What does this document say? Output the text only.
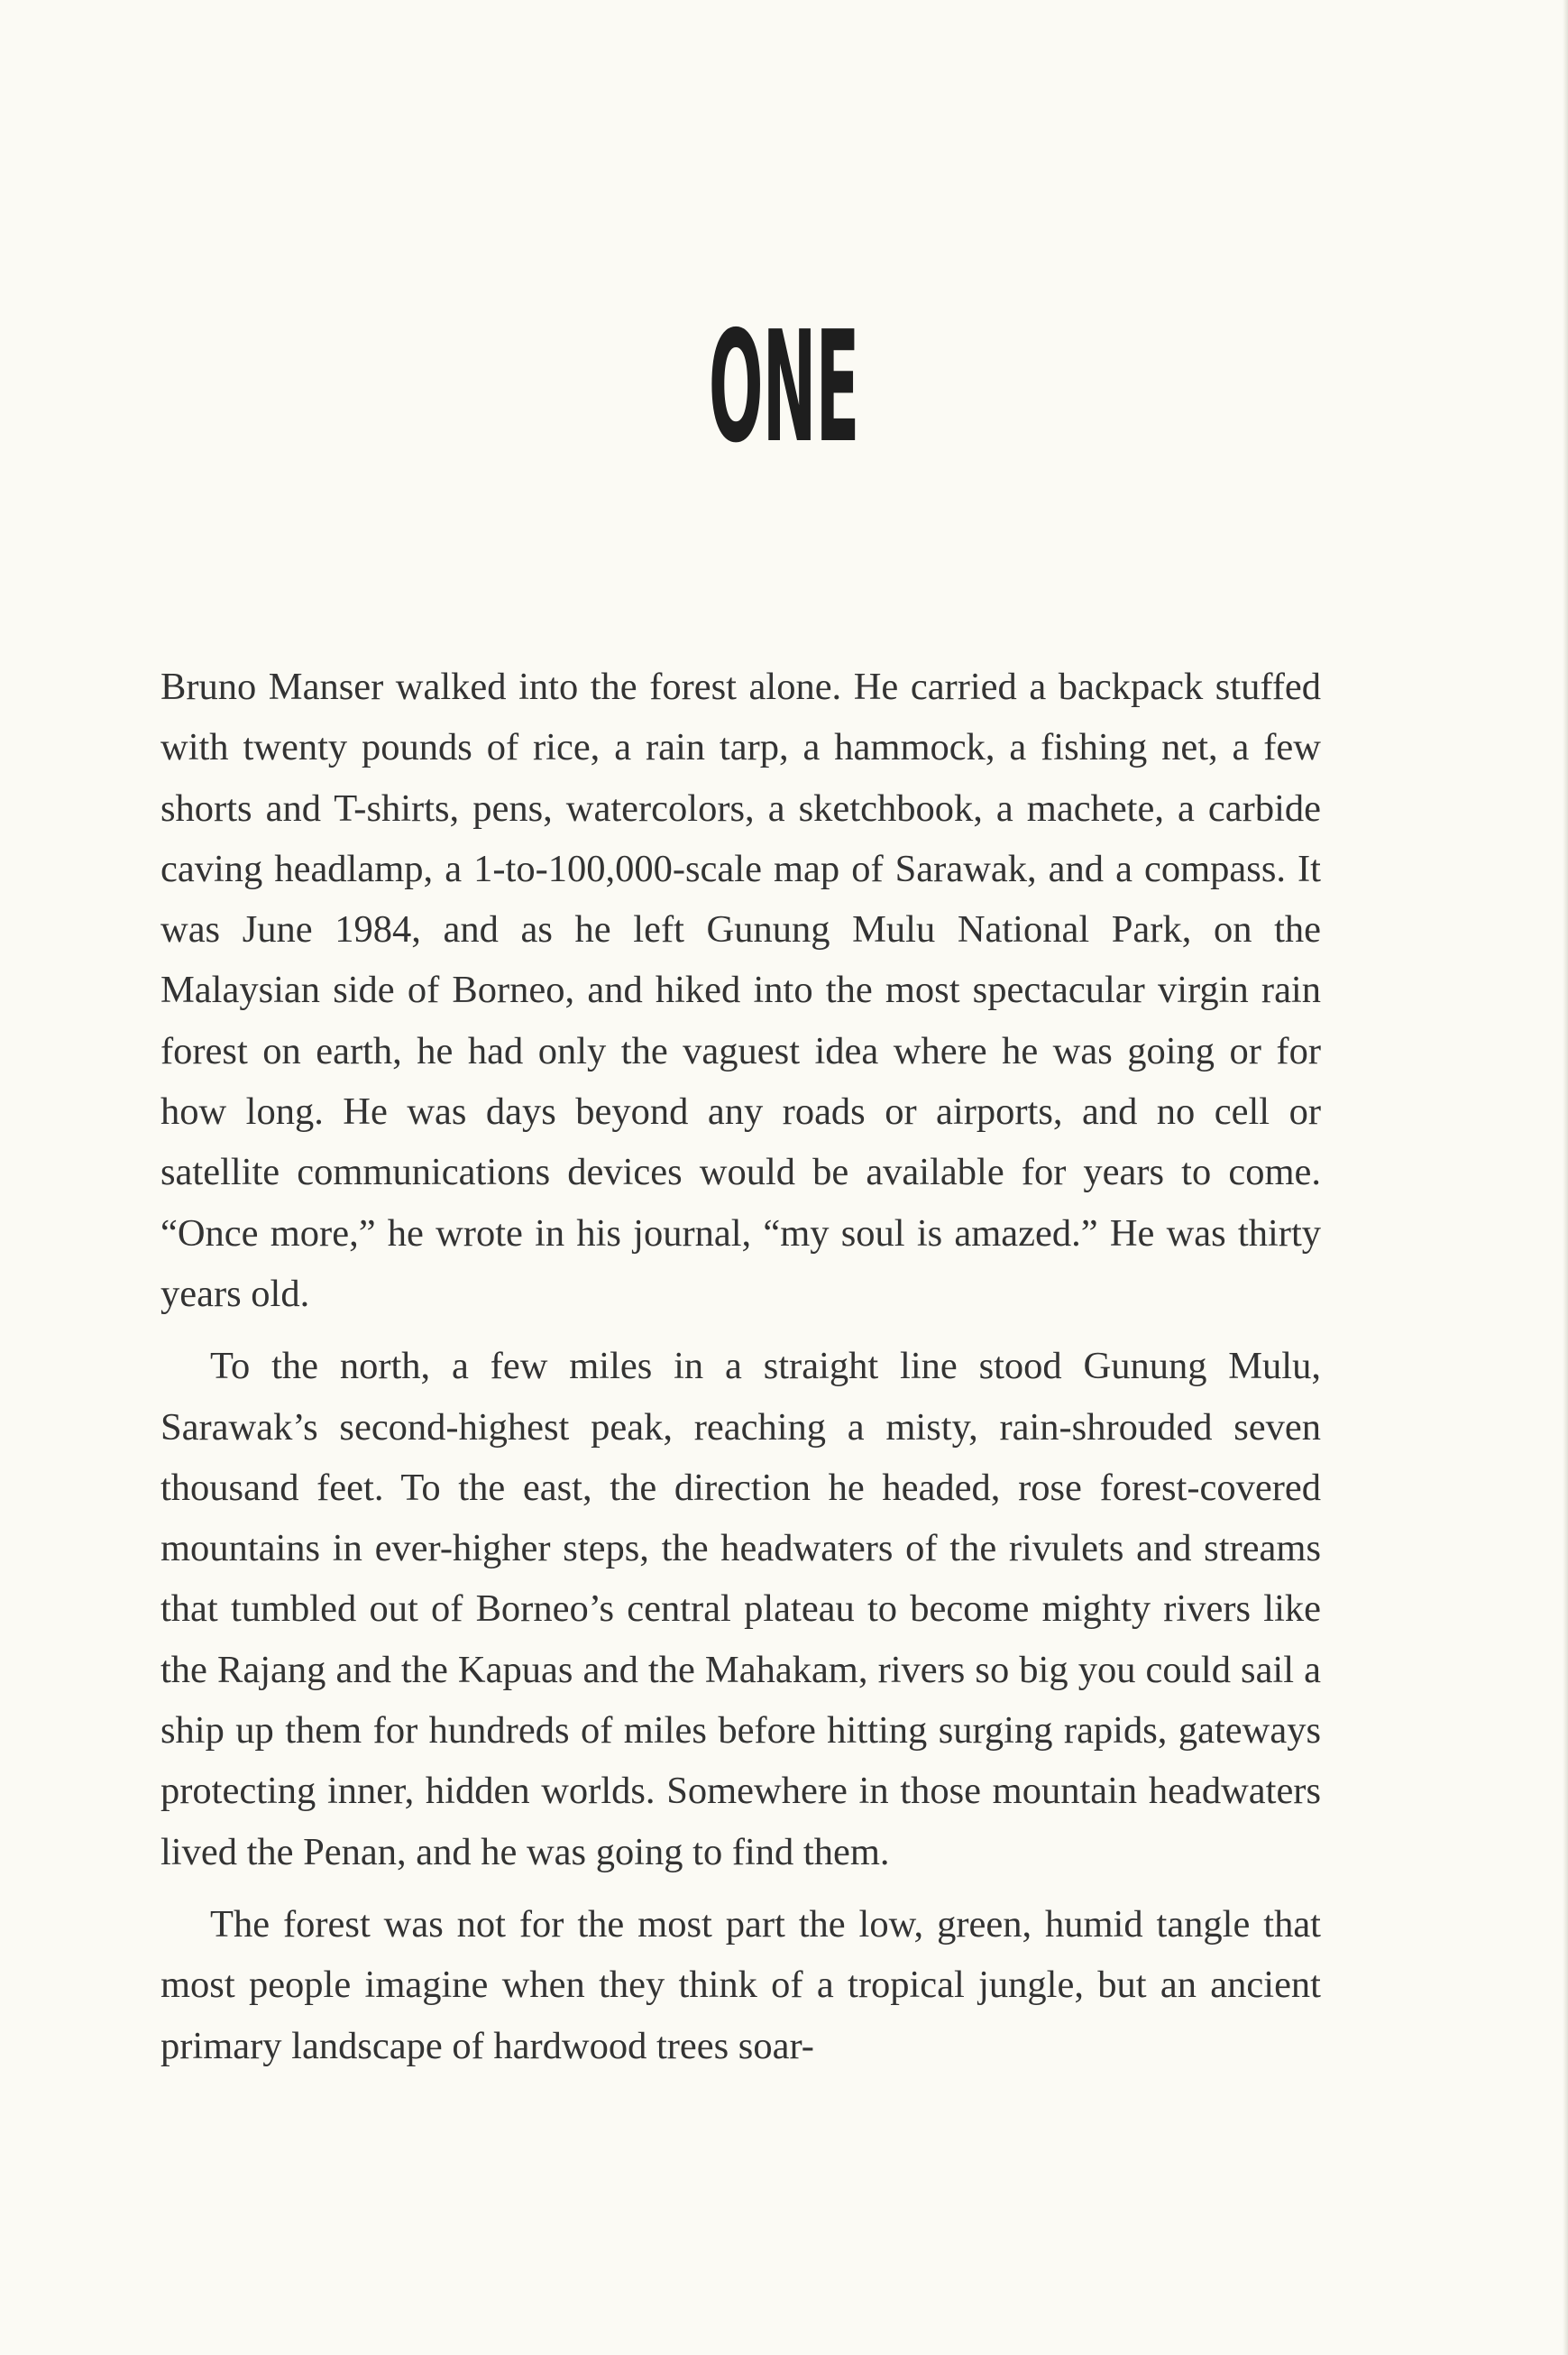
ONE

Bruno Manser walked into the forest alone. He carried a backpack stuffed with twenty pounds of rice, a rain tarp, a hammock, a fishing net, a few shorts and T-shirts, pens, watercolors, a sketchbook, a machete, a carbide caving headlamp, a 1-to-100,000-scale map of Sarawak, and a compass. It was June 1984, and as he left Gunung Mulu National Park, on the Malaysian side of Borneo, and hiked into the most spectacular virgin rain forest on earth, he had only the vaguest idea where he was going or for how long. He was days beyond any roads or airports, and no cell or satellite communications devices would be available for years to come. “Once more,” he wrote in his journal, “my soul is amazed.” He was thirty years old.

To the north, a few miles in a straight line stood Gunung Mulu, Sarawak’s second-highest peak, reaching a misty, rain-shrouded seven thousand feet. To the east, the direction he headed, rose forest-covered mountains in ever-higher steps, the headwaters of the rivulets and streams that tumbled out of Borneo’s central plateau to become mighty rivers like the Rajang and the Kapuas and the Mahakam, rivers so big you could sail a ship up them for hundreds of miles before hitting surging rapids, gateways protecting inner, hidden worlds. Somewhere in those mountain headwaters lived the Penan, and he was going to find them.

The forest was not for the most part the low, green, humid tangle that most people imagine when they think of a tropical jungle, but an ancient primary landscape of hardwood trees soar-
